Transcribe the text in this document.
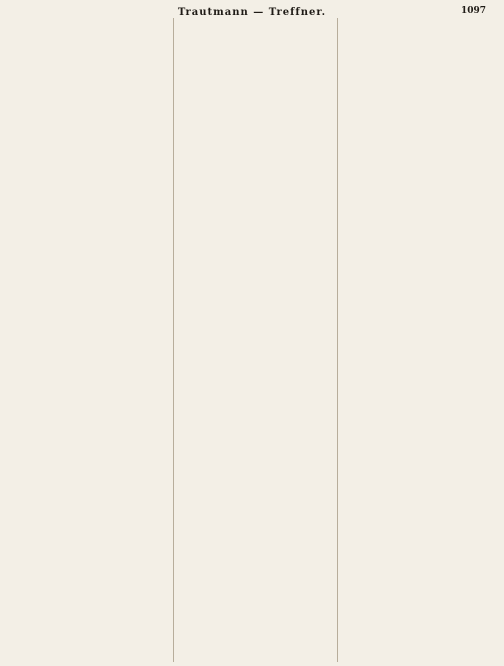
Trautmann — Treffner.	1097
